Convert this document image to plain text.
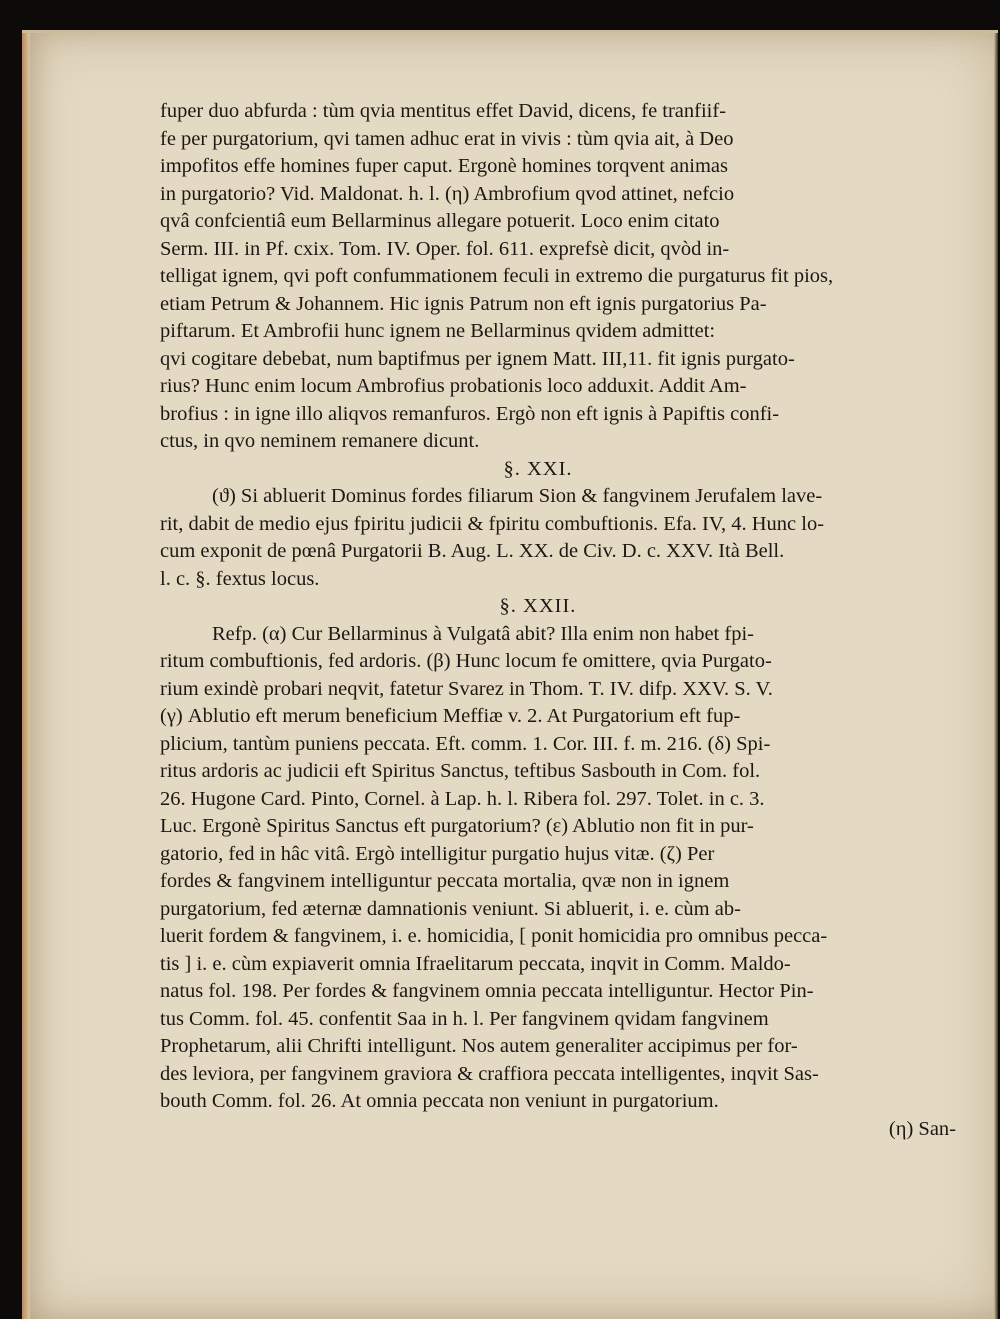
fuper duo abfurda : tùm qvia mentitus effet David, dicens, fe tranfiif-
fe per purgatorium, qvi tamen adhuc erat in vivis : tùm qvia ait, à Deo
impofitos effe homines fuper caput. Ergonè homines torqvent animas
in purgatorio? Vid. Maldonat. h. l. (η) Ambrofium qvod attinet, nefcio
qvâ confcientiâ eum Bellarminus allegare potuerit. Loco enim citato
Serm. III. in Pf. cxix. Tom. IV. Oper. fol. 611. exprefsè dicit, qvòd in-
telligat ignem, qvi poft confummationem feculi in extremo die purgaturus fit pios,
etiam Petrum & Johannem. Hic ignis Patrum non eft ignis purgatorius Pa-
piftarum. Et Ambrofii hunc ignem ne Bellarminus qvidem admittet:
qvi cogitare debebat, num baptifmus per ignem Matt. III,11. fit ignis purgato-
rius? Hunc enim locum Ambrofius probationis loco adduxit. Addit Am-
brofius : in igne illo aliqvos remanfuros. Ergò non eft ignis à Papiftis confi-
ctus, in qvo neminem remanere dicunt.
§. XXI.
(ϑ) Si abluerit Dominus fordes filiarum Sion & fangvinem Jerufalem lave-
rit, dabit de medio ejus fpiritu judicii & fpiritu combuftionis. Efa. IV, 4. Hunc lo-
cum exponit de pœnâ Purgatorii B. Aug. L. XX. de Civ. D. c. XXV. Ità Bell.
l. c. §. fextus locus.
§. XXII.
Refp. (α) Cur Bellarminus à Vulgatâ abit? Illa enim non habet fpi-
ritum combuftionis, fed ardoris. (β) Hunc locum fe omittere, qvia Purgato-
rium exindè probari neqvit, fatetur Svarez in Thom. T. IV. difp. XXV. S. V.
(γ) Ablutio eft merum beneficium Meffiæ v. 2. At Purgatorium eft fup-
plicium, tantùm puniens peccata. Eft. comm. 1. Cor. III. f. m. 216. (δ) Spi-
ritus ardoris ac judicii eft Spiritus Sanctus, teftibus Sasbouth in Com. fol.
26. Hugone Card. Pinto, Cornel. à Lap. h. l. Ribera fol. 297. Tolet. in c. 3.
Luc. Ergonè Spiritus Sanctus eft purgatorium? (ε) Ablutio non fit in pur-
gatorio, fed in hâc vitâ. Ergò intelligitur purgatio hujus vitæ. (ζ) Per
fordes & fangvinem intelliguntur peccata mortalia, qvæ non in ignem
purgatorium, fed æternæ damnationis veniunt. Si abluerit, i. e. cùm ab-
luerit fordem & fangvinem, i. e. homicidia, [ ponit homicidia pro omnibus pecca-
tis ] i. e. cùm expiaverit omnia Ifraelitarum peccata, inqvit in Comm. Maldo-
natus fol. 198. Per fordes & fangvinem omnia peccata intelliguntur. Hector Pin-
tus Comm. fol. 45. confentit Saa in h. l. Per fangvinem qvidam fangvinem
Prophetarum, alii Chrifti intelligunt. Nos autem generaliter accipimus per for-
des leviora, per fangvinem graviora & craffiora peccata intelligentes, inqvit Sas-
bouth Comm. fol. 26. At omnia peccata non veniunt in purgatorium.
(η) San-
